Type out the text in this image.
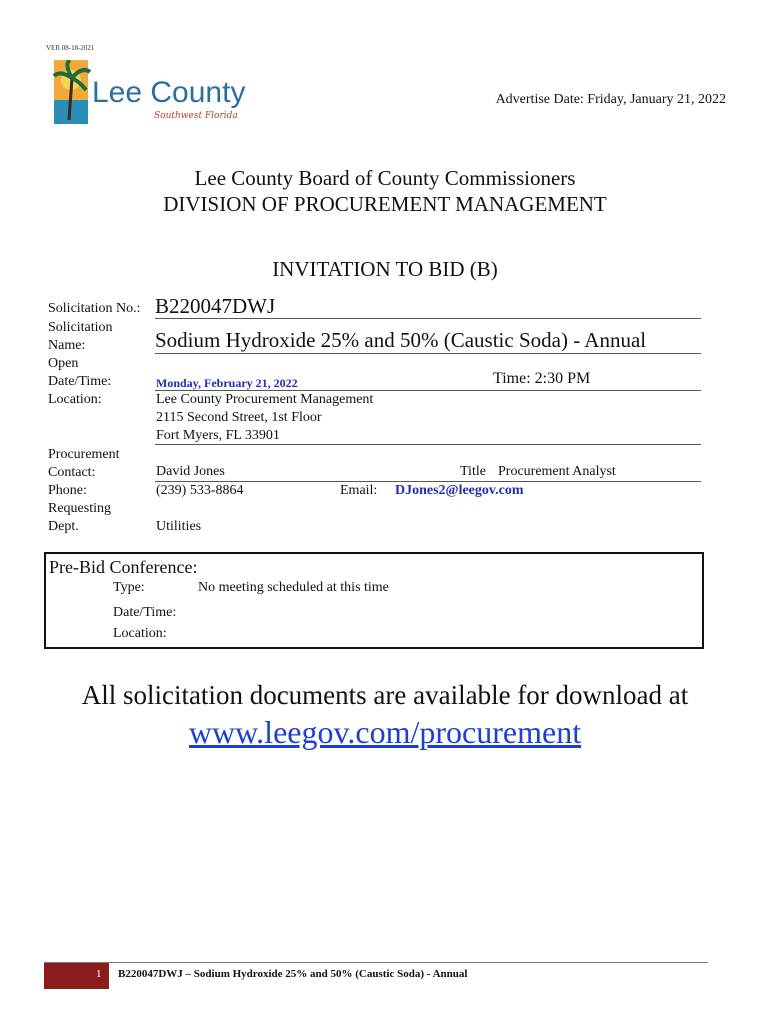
VER 08-18-2021
Lee County
Southwest Florida
Advertise Date: Friday, January 21, 2022
Lee County Board of County Commissioners
DIVISION OF PROCUREMENT MANAGEMENT
INVITATION TO BID (B)
Solicitation No.: B220047DWJ
Solicitation
Name:	Sodium Hydroxide 25% and 50% (Caustic Soda) - Annual
Open
Date/Time:	Monday, February 21, 2022	Time: 2:30 PM
Location:	Lee County Procurement Management
2115 Second Street, 1st Floor
Fort Myers, FL 33901
Procurement
Contact:	David Jones	Title Procurement Analyst
Phone:	(239) 533-8864	Email: DJones2@leegov.com
Requesting
Dept.	Utilities
Pre-Bid Conference:
Type:	No meeting scheduled at this time
Date/Time:
Location:
All solicitation documents are available for download at
www.leegov.com/procurement
1 B220047DWJ – Sodium Hydroxide 25% and 50% (Caustic Soda) - Annual
